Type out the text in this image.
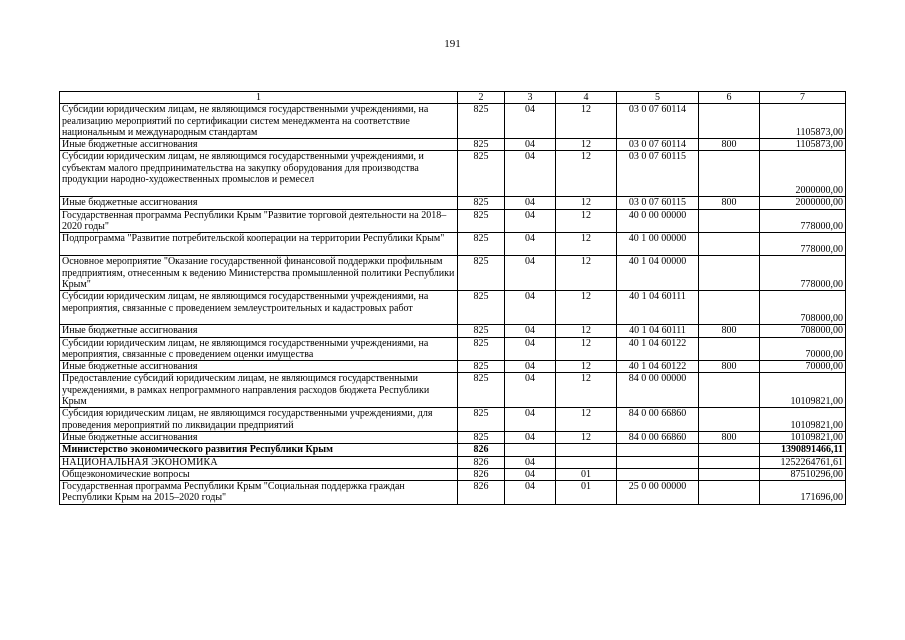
191
1	2	3	4	5	6	7
Субсидии юридическим лицам, не являющимся государственными учреждениями, на реализацию мероприятий по сертификации систем менеджмента на соответствие национальным и международным стандартам	825	04	12	03 0 07 60114		1105873,00
Иные бюджетные ассигнования	825	04	12	03 0 07 60114	800	1105873,00
Субсидии юридическим лицам, не являющимся государственными учреждениями, и субъектам малого предпринимательства на закупку оборудования для производства продукции народно-художественных промыслов и ремесел	825	04	12	03 0 07 60115		2000000,00
Иные бюджетные ассигнования	825	04	12	03 0 07 60115	800	2000000,00
Государственная программа Республики Крым "Развитие торговой деятельности на 2018–2020 годы"	825	04	12	40 0 00 00000		778000,00
Подпрограмма "Развитие потребительской кооперации на территории Республики Крым"	825	04	12	40 1 00 00000		778000,00
Основное мероприятие "Оказание государственной финансовой поддержки профильным предприятиям, отнесенным к ведению Министерства промышленной политики Республики Крым"	825	04	12	40 1 04 00000		778000,00
Субсидии юридическим лицам, не являющимся государственными учреждениями, на мероприятия, связанные с проведением землеустроительных и кадастровых работ	825	04	12	40 1 04 60111		708000,00
Иные бюджетные ассигнования	825	04	12	40 1 04 60111	800	708000,00
Субсидии юридическим лицам, не являющимся государственными учреждениями, на мероприятия, связанные с проведением оценки имущества	825	04	12	40 1 04 60122		70000,00
Иные бюджетные ассигнования	825	04	12	40 1 04 60122	800	70000,00
Предоставление субсидий юридическим лицам, не являющимся государственными учреждениями, в рамках непрограммного направления расходов бюджета Республики Крым	825	04	12	84 0 00 00000		10109821,00
Субсидия юридическим лицам, не являющимся государственными учреждениями, для проведения мероприятий по ликвидации предприятий	825	04	12	84 0 00 66860		10109821,00
Иные бюджетные ассигнования	825	04	12	84 0 00 66860	800	10109821,00
Министерство экономического развития Республики Крым	826					1390891466,11
НАЦИОНАЛЬНАЯ ЭКОНОМИКА	826	04				1252264761,61
Общеэкономические вопросы	826	04	01			87510296,00
Государственная программа Республики Крым "Социальная поддержка граждан Республики Крым на 2015–2020 годы"	826	04	01	25 0 00 00000		171696,00
